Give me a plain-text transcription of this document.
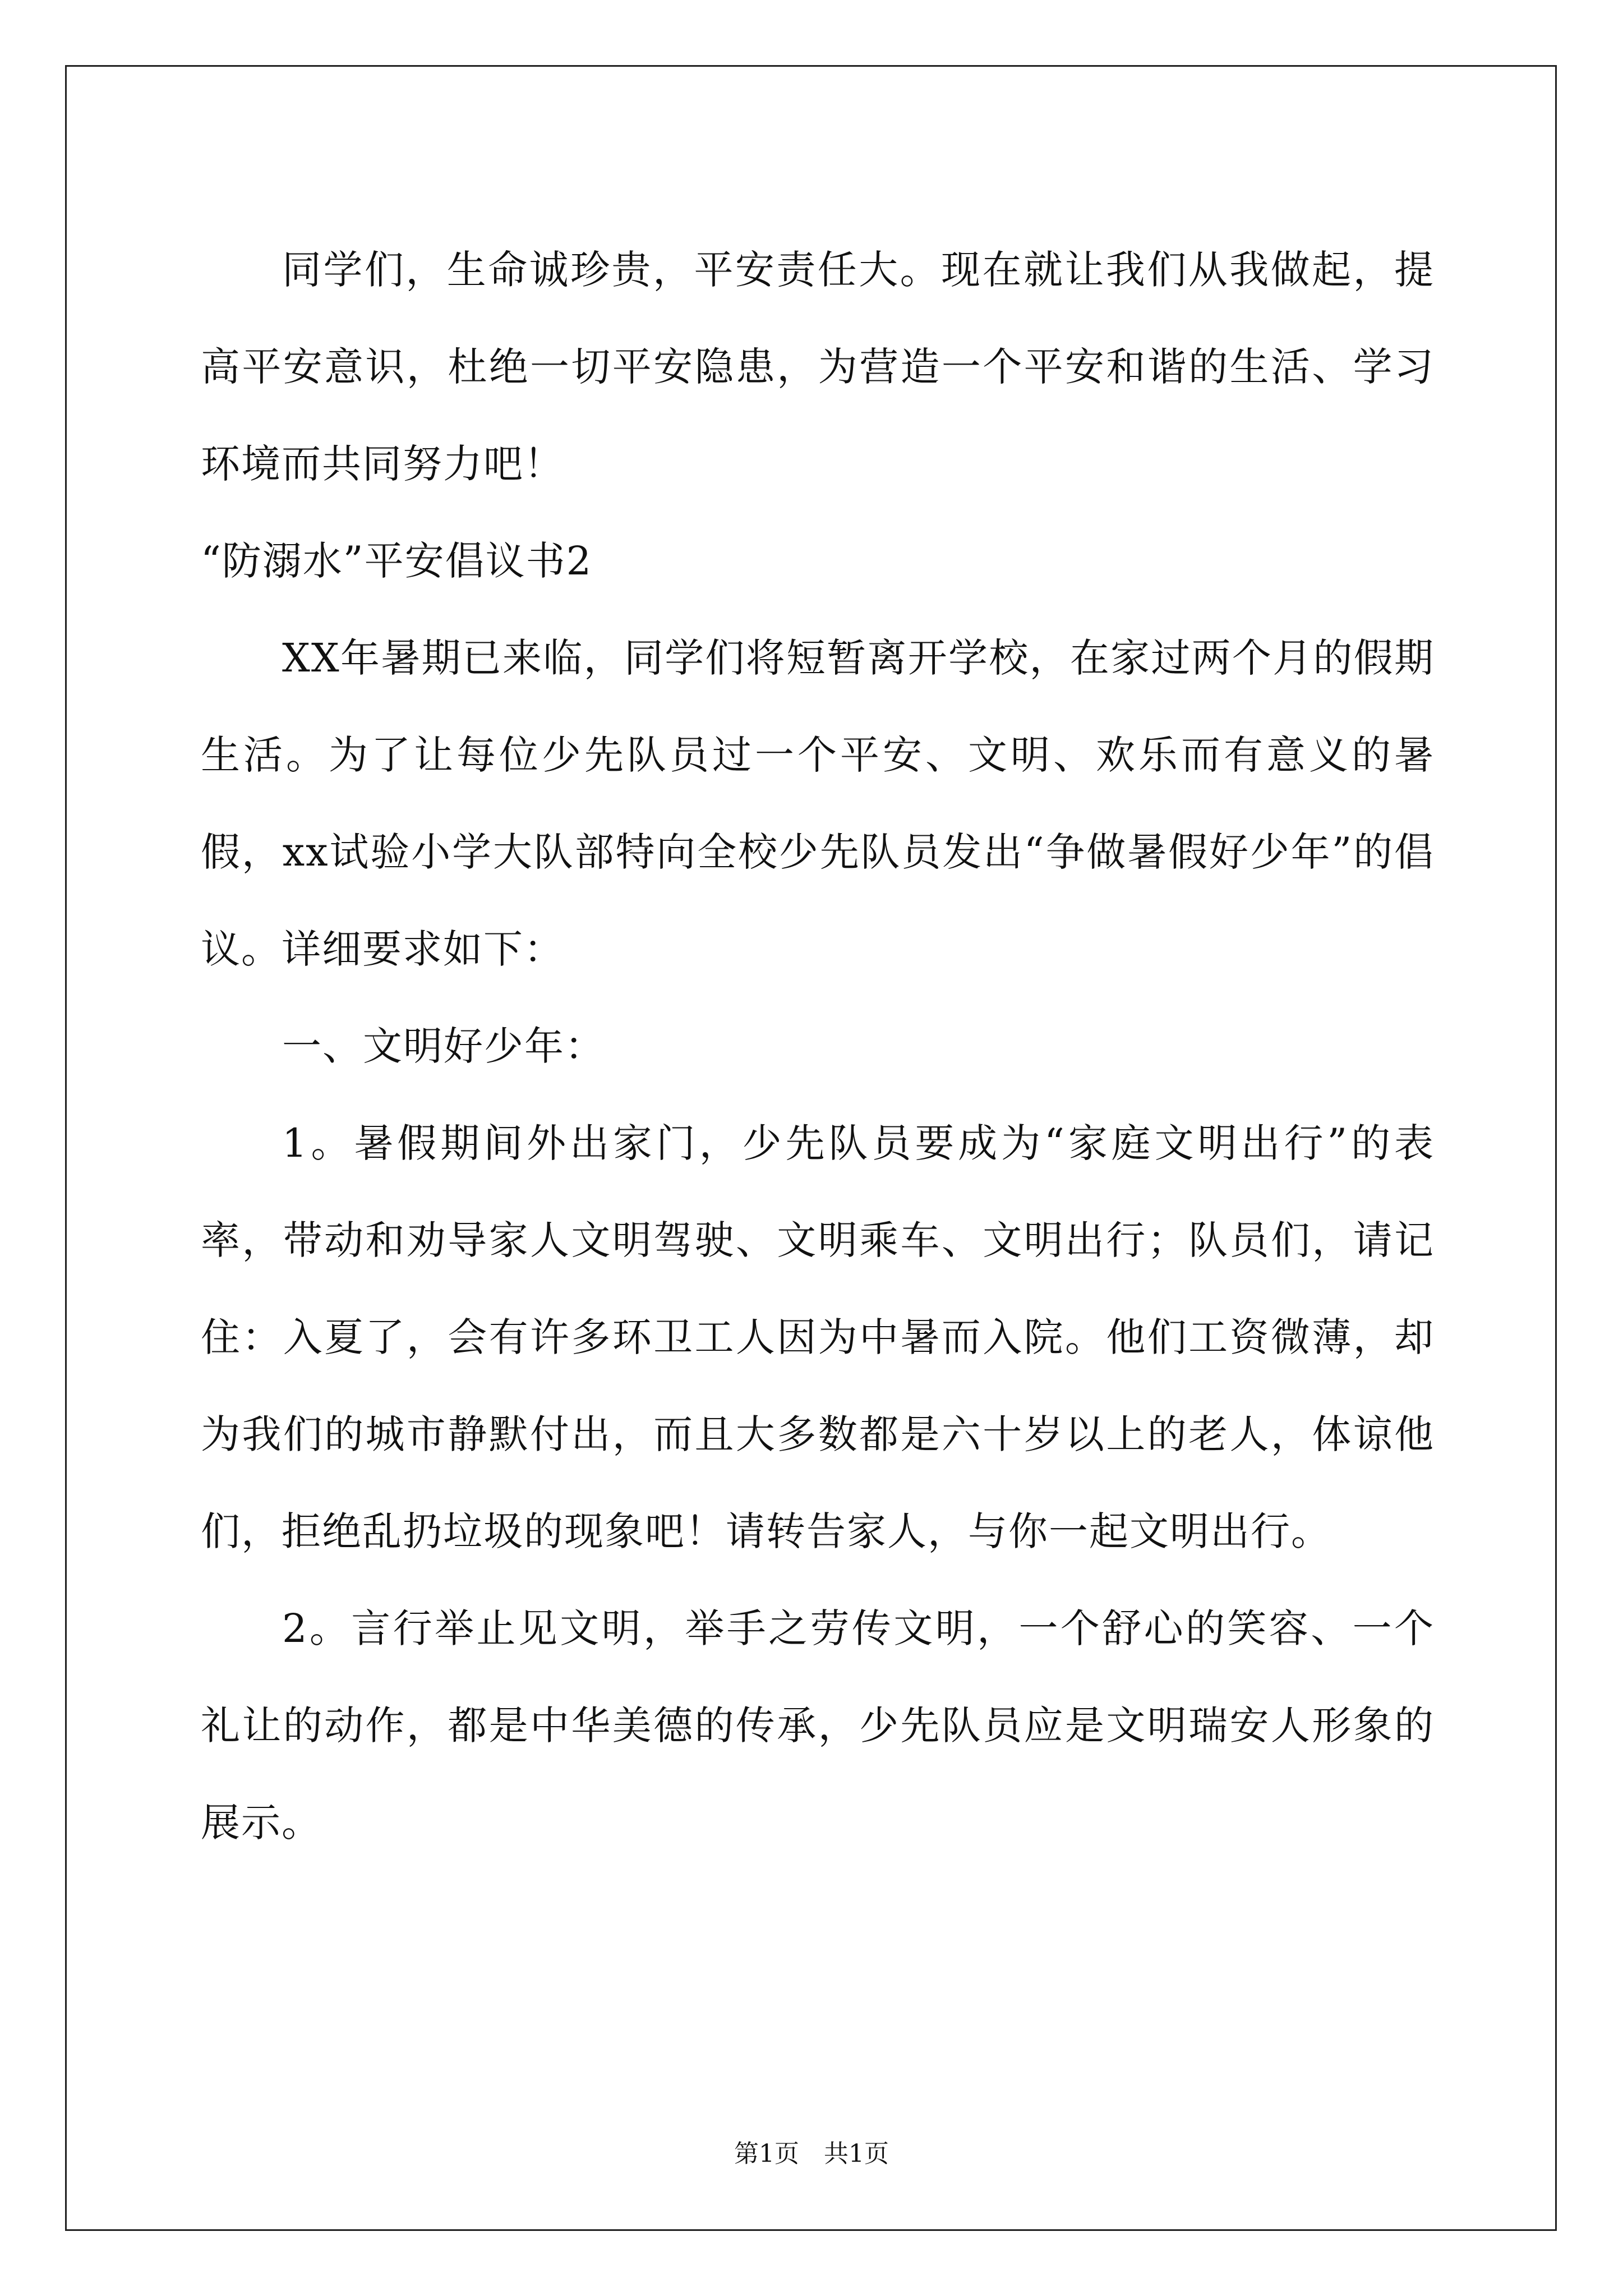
同学们，生命诚珍贵，平安责任大。现在就让我们从我做起，提高平安意识，杜绝一切平安隐患，为营造一个平安和谐的生活、学习环境而共同努力吧！

“防溺水”平安倡议书2

XX年暑期已来临，同学们将短暂离开学校，在家过两个月的假期生活。为了让每位少先队员过一个平安、文明、欢乐而有意义的暑假，xx试验小学大队部特向全校少先队员发出“争做暑假好少年”的倡议。详细要求如下：

一、文明好少年：

1。暑假期间外出家门，少先队员要成为“家庭文明出行”的表率，带动和劝导家人文明驾驶、文明乘车、文明出行；队员们，请记住：入夏了，会有许多环卫工人因为中暑而入院。他们工资微薄，却为我们的城市静默付出，而且大多数都是六十岁以上的老人，体谅他们，拒绝乱扔垃圾的现象吧！请转告家人，与你一起文明出行。

2。言行举止见文明，举手之劳传文明，一个舒心的笑容、一个礼让的动作，都是中华美德的传承，少先队员应是文明瑞安人形象的展示。

第1页　共1页
